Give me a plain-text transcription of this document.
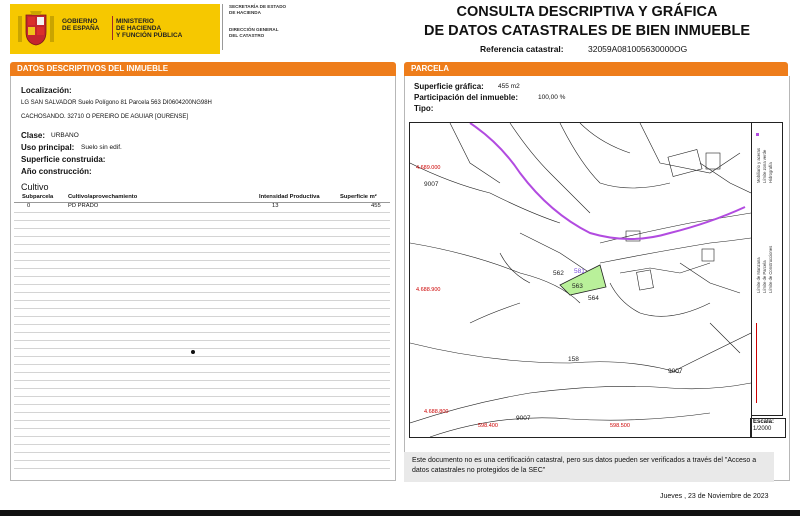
GOBIERNO
DE ESPAÑA
MINISTERIO
DE HACIENDA
Y FUNCIÓN PÚBLICA
SECRETARÍA DE ESTADO
DE HACIENDA
DIRECCIÓN GENERAL
DEL CATASTRO
CONSULTA DESCRIPTIVA Y GRÁFICA
DE DATOS CATASTRALES DE BIEN INMUEBLE
Referencia catastral:	32059A081005630000OG
DATOS DESCRIPTIVOS DEL INMUEBLE
Localización:
LG SAN SALVADOR Suelo Polígono 81 Parcela 563 DI0604200NG98H
CACHOSANDO. 32710 O PEREIRO DE AGUIAR [OURENSE]
Clase: URBANO
Uso principal: Suelo sin edif.
Superficie construida:
Año construcción:
Cultivo
Subparcela	Cultivo/aprovechamiento	Intensidad Productiva	Superficie m²
0	PD PRADO	13	455
PARCELA
Superficie gráfica: 455 m2
Participación del inmueble:	100,00 %
Tipo:
4.689.000
4.688.900
4.688.800
598.400	598.500
9007
9007
9007
562
563
564
158
581	Límite de Manzana Límite de Parcela Límite de Construcciones
Mobiliario y aceras Límite zona verde Hidrografía
Escala:
1/2000
Este documento no es una certificación catastral, pero sus datos pueden ser verificados a través del "Acceso a datos catastrales no protegidos de la SEC"
Jueves , 23 de Noviembre de 2023
